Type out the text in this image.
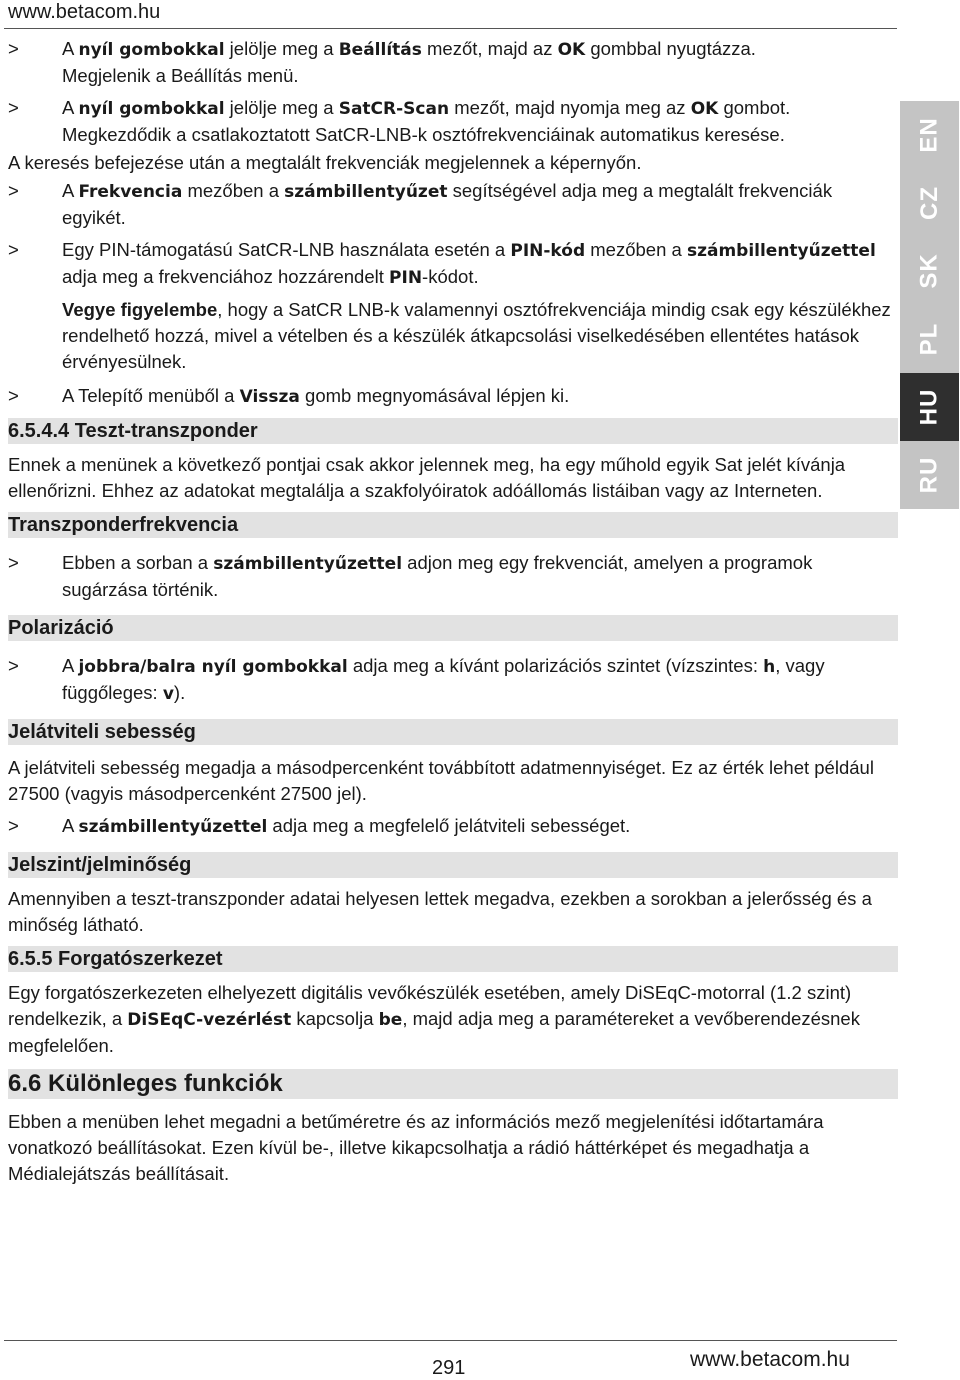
www.betacom.hu
>	A nyíl gombokkal jelölje meg a Beállítás mezőt, majd az OK gombbal nyugtázza.
Megjelenik a Beállítás menü.
>	A nyíl gombokkal jelölje meg a SatCR-Scan mezőt, majd nyomja meg az OK gombot. Megkezdődik a csatlakoztatott SatCR-LNB-k osztófrekvenciáinak automatikus keresése.

A keresés befejezése után a megtalált frekvenciák megjelennek a képernyőn.

>	A Frekvencia mezőben a számbillentyűzet segítségével adja meg a megtalált frekvenciák egyikét.
>	Egy PIN-támogatású SatCR-LNB használata esetén a PIN-kód mezőben a számbillentyűzettel adja meg a frekvenciához hozzárendelt PIN-kódot.

Vegye figyelembe, hogy a SatCR LNB-k valamennyi osztófrekvenciája mindig csak egy készülékhez rendelhető hozzá, mivel a vételben és a készülék átkapcsolási viselkedésében ellentétes hatások érvényesülnek.

>	A Telepítő menüből a Vissza gomb megnyomásával lépjen ki.
6.5.4.4 Teszt-transzponder

Ennek a menünek a következő pontjai csak akkor jelennek meg, ha egy műhold egyik Sat jelét kívánja ellenőrizni. Ehhez az adatokat megtalálja a szakfolyóiratok adóállomás listáiban vagy az Interneten.

Transzponderfrekvencia
>	Ebben a sorban a számbillentyűzettel adjon meg egy frekvenciát, amelyen a programok sugárzása történik.
Polarizáció
>	A jobbra/balra nyíl gombokkal adja meg a kívánt polarizációs szintet (vízszintes: h, vagy függőleges: v).
Jelátviteli sebesség

A jelátviteli sebesség megadja a másodpercenként továbbított adatmennyiséget. Ez az érték lehet például 27500 (vagyis másodpercenként 27500 jel).

>	A számbillentyűzettel adja meg a megfelelő jelátviteli sebességet.
Jelszint/jelminőség

Amennyiben a teszt-transzponder adatai helyesen lettek megadva, ezekben a sorokban a jelerősség és a minőség látható.

6.5.5 Forgatószerkezet

Egy forgatószerkezeten elhelyezett digitális vevőkészülék esetében, amely DiSEqC-motorral (1.2 szint) rendelkezik, a DiSEqC-vezérlést kapcsolja be, majd adja meg a paramétereket a vevőberendezésnek megfelelően.

6.6 Különleges funkciók

Ebben a menüben lehet megadni a betűméretre és az információs mező megjelenítési időtartamára vonatkozó beállításokat. Ezen kívül be-, illetve kikapcsolhatja a rádió háttérképet és megadhatja a Médialejátszás beállításait.

EN
CZ
SK
PL
HU
RU
291	www.betacom.hu
